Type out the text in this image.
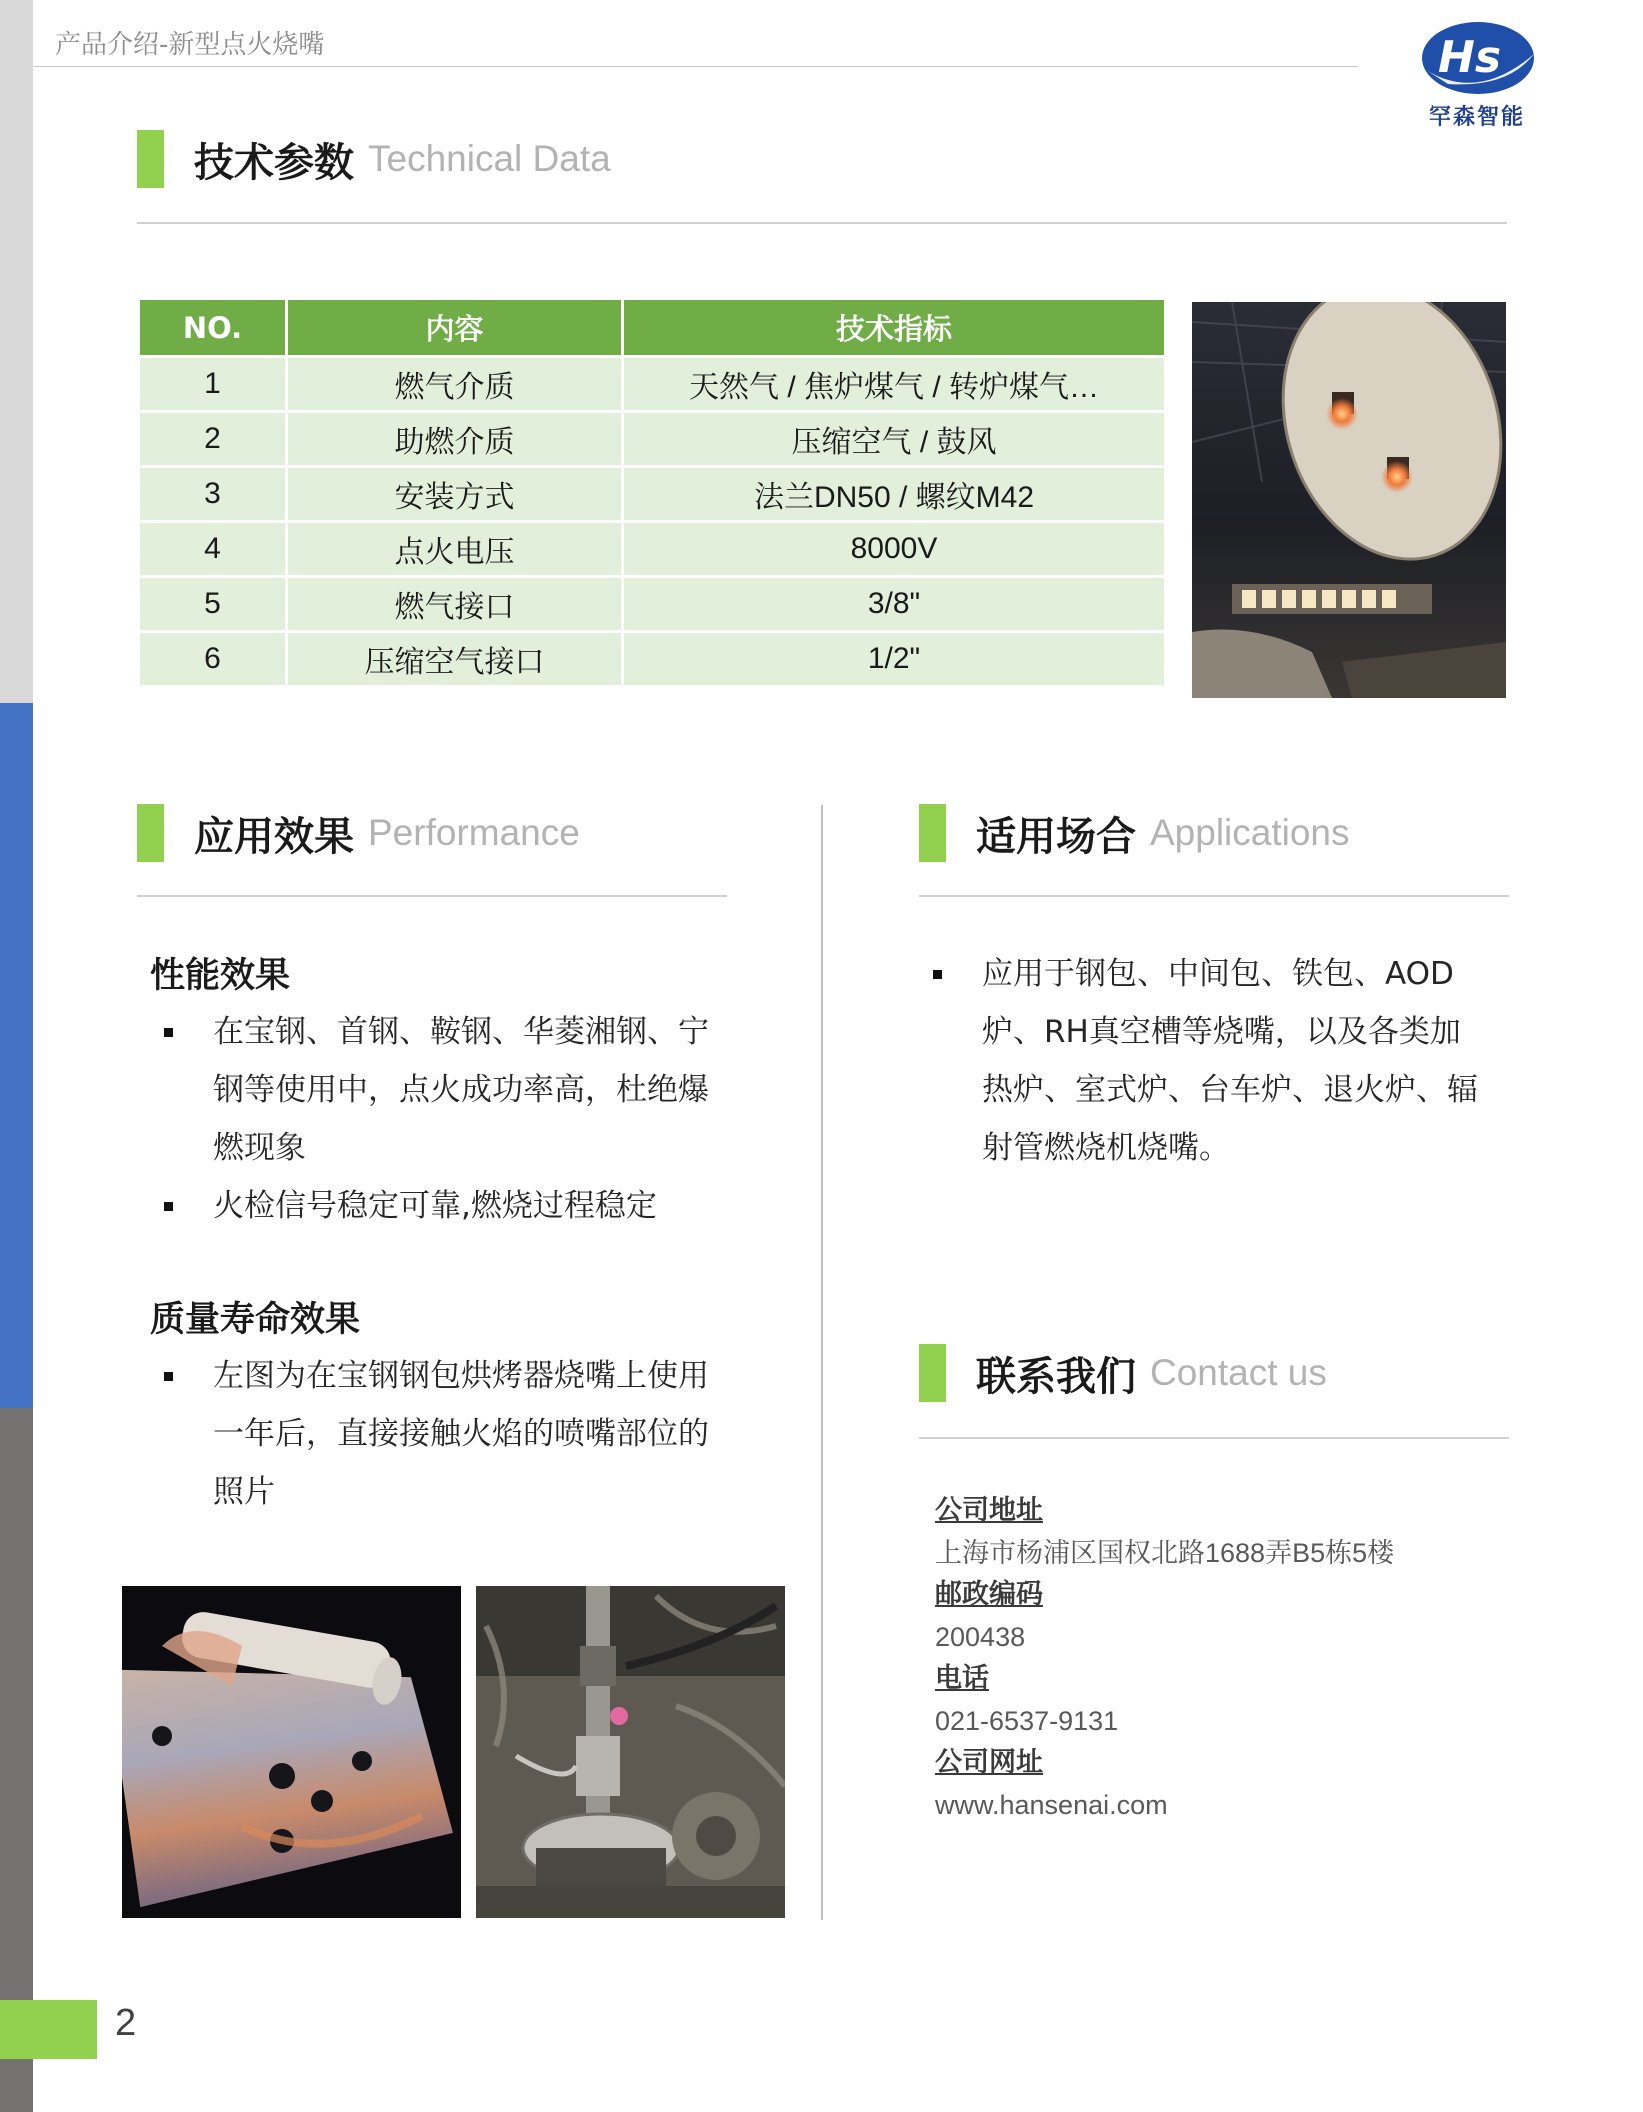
产品介绍-新型点火烧嘴	Hs
罕森智能
技术参数 Technical Data
NO.	内容	技术指标
1	燃气介质	天然气 / 焦炉煤气 / 转炉煤气…
2	助燃介质	压缩空气 / 鼓风
3	安装方式	法兰DN50 / 螺纹M42
4	点火电压	8000V
5	燃气接口	3/8"
6	压缩空气接口	1/2"
应用效果 Performance
性能效果
在宝钢、首钢、鞍钢、华菱湘钢、宁钢等使用中，点火成功率高，杜绝爆燃现象
火检信号稳定可靠,燃烧过程稳定
质量寿命效果
左图为在宝钢钢包烘烤器烧嘴上使用一年后，直接接触火焰的喷嘴部位的照片
适用场合 Applications
应用于钢包、中间包、铁包、AOD炉、RH真空槽等烧嘴，以及各类加热炉、室式炉、台车炉、退火炉、辐射管燃烧机烧嘴。
联系我们 Contact us
公司地址
上海市杨浦区国权北路1688弄B5栋5楼
邮政编码
200438
电话
021-6537-9131
公司网址
www.hansenai.com
2
